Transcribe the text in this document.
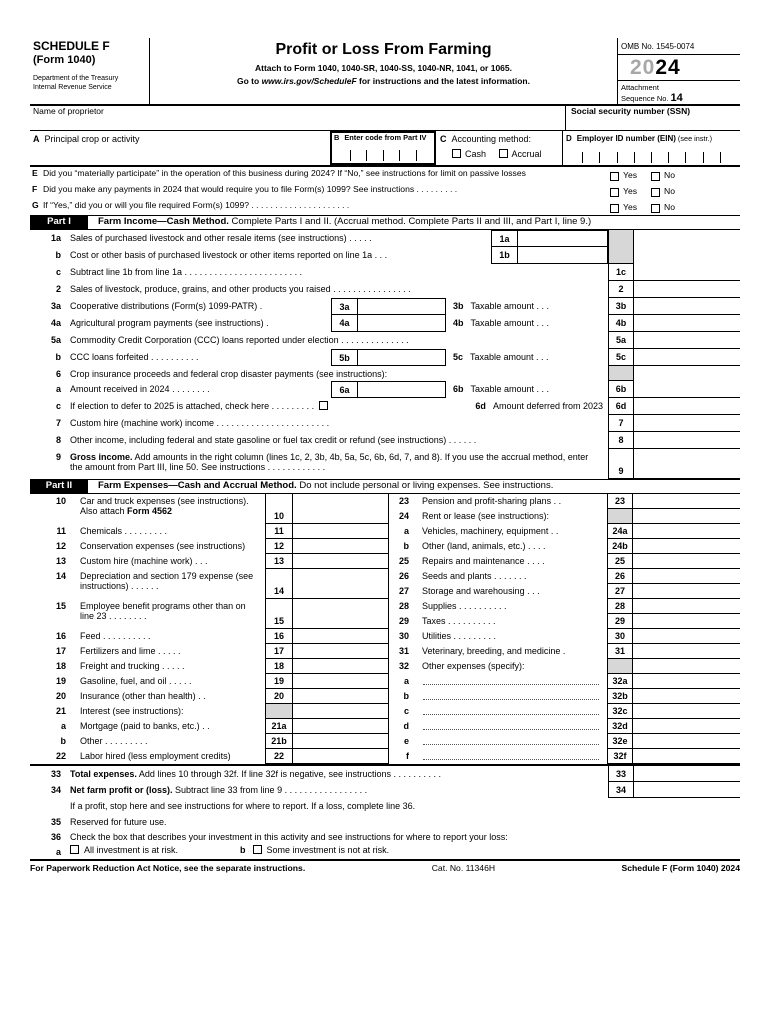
SCHEDULE F
(Form 1040)
Department of the Treasury
Internal Revenue Service
Profit or Loss From Farming
Attach to Form 1040, 1040-SR, 1040-SS, 1040-NR, 1041, or 1065.
Go to www.irs.gov/ScheduleF for instructions and the latest information.
OMB No. 1545-0074
2024
Attachment
Sequence No. 14
Name of proprietor	Social security number (SSN)
A Principal crop or activity	B Enter code from Part IV	C Accounting method:
Cash	Accrual
D Employer ID number (EIN) (see instr.)
E Did you “materially participate” in the operation of this business during 2024? If “No,” see instructions for limit on passive losses	Yes	No
F Did you make any payments in 2024 that would require you to file Form(s) 1099? See instructions . . . . . . . . .	Yes	No
G If “Yes,” did you or will you file required Form(s) 1099? . . . . . . . . . . . . . . . . . . . . .	Yes	No
Part I	Farm Income—Cash Method. Complete Parts I and II. (Accrual method. Complete Parts II and III, and Part I, line 9.)
1a	Sales of purchased livestock and other resale items (see instructions) . . . . .	1a
b	Cost or other basis of purchased livestock or other items reported on line 1a . . .	1b
c	Subtract line 1b from line 1a . . . . . . . . . . . . . . . . . . . . . . . .	1c
2	Sales of livestock, produce, grains, and other products you raised . . . . . . . . . . . . . . . .	2
3a	Cooperative distributions (Form(s) 1099-PATR) .	3a	3b Taxable amount . . .	3b
4a	Agricultural program payments (see instructions) .	4a	4b Taxable amount . . .	4b
5a	Commodity Credit Corporation (CCC) loans reported under election . . . . . . . . . . . . . .	5a
b	CCC loans forfeited . . . . . . . . . .	5b	5c Taxable amount . . .	5c
6	Crop insurance proceeds and federal crop disaster payments (see instructions):
a	Amount received in 2024 . . . . . . . .	6a	6b Taxable amount . . .	6b
c	If election to defer to 2025 is attached, check here . . . . . . . . .	6d Amount deferred from 2023	6d
7	Custom hire (machine work) income . . . . . . . . . . . . . . . . . . . . . . .	7
8	Other income, including federal and state gasoline or fuel tax credit or refund (see instructions) . . . . . .	8
9	Gross income. Add amounts in the right column (lines 1c, 2, 3b, 4b, 5a, 5c, 6b, 6d, 7, and 8). If you use the accrual method, enter the amount from Part III, line 50. See instructions . . . . . . . . . . . .	9
Part II	Farm Expenses—Cash and Accrual Method. Do not include personal or living expenses. See instructions.
10	Car and truck expenses (see instructions). Also attach Form 4562	10
11	Chemicals . . . . . . . . .	11
12	Conservation expenses (see instructions)	12
13	Custom hire (machine work) . . .	13
14	Depreciation and section 179 expense (see instructions) . . . . . .	14
15	Employee benefit programs other than on line 23 . . . . . . . .	15
16	Feed . . . . . . . . . .	16
17	Fertilizers and lime . . . . .	17
18	Freight and trucking . . . . .	18
19	Gasoline, fuel, and oil . . . . .	19
20	Insurance (other than health) . .	20
21	Interest (see instructions):
a	Mortgage (paid to banks, etc.) . .	21a
b	Other . . . . . . . . .	21b
22	Labor hired (less employment credits)	22
23	Pension and profit-sharing plans . .	23
24	Rent or lease (see instructions):
a	Vehicles, machinery, equipment . .	24a
b	Other (land, animals, etc.) . . . .	24b
25	Repairs and maintenance . . . .	25
26	Seeds and plants . . . . . . .	26
27	Storage and warehousing . . .	27
28	Supplies . . . . . . . . . .	28
29	Taxes . . . . . . . . . .	29
30	Utilities . . . . . . . . .	30
31	Veterinary, breeding, and medicine .	31
32	Other expenses (specify):
a	32a
b	32b
c	32c
d	32d
e	32e
f	32f
33	Total expenses. Add lines 10 through 32f. If line 32f is negative, see instructions . . . . . . . . . .	33
34	Net farm profit or (loss). Subtract line 33 from line 9 . . . . . . . . . . . . . . . . .	34
If a profit, stop here and see instructions for where to report. If a loss, complete line 36.
35	Reserved for future use.
36	Check the box that describes your investment in this activity and see instructions for where to report your loss:
a	All investment is at risk.	b Some investment is not at risk.
For Paperwork Reduction Act Notice, see the separate instructions.	Cat. No. 11346H	Schedule F (Form 1040) 2024
